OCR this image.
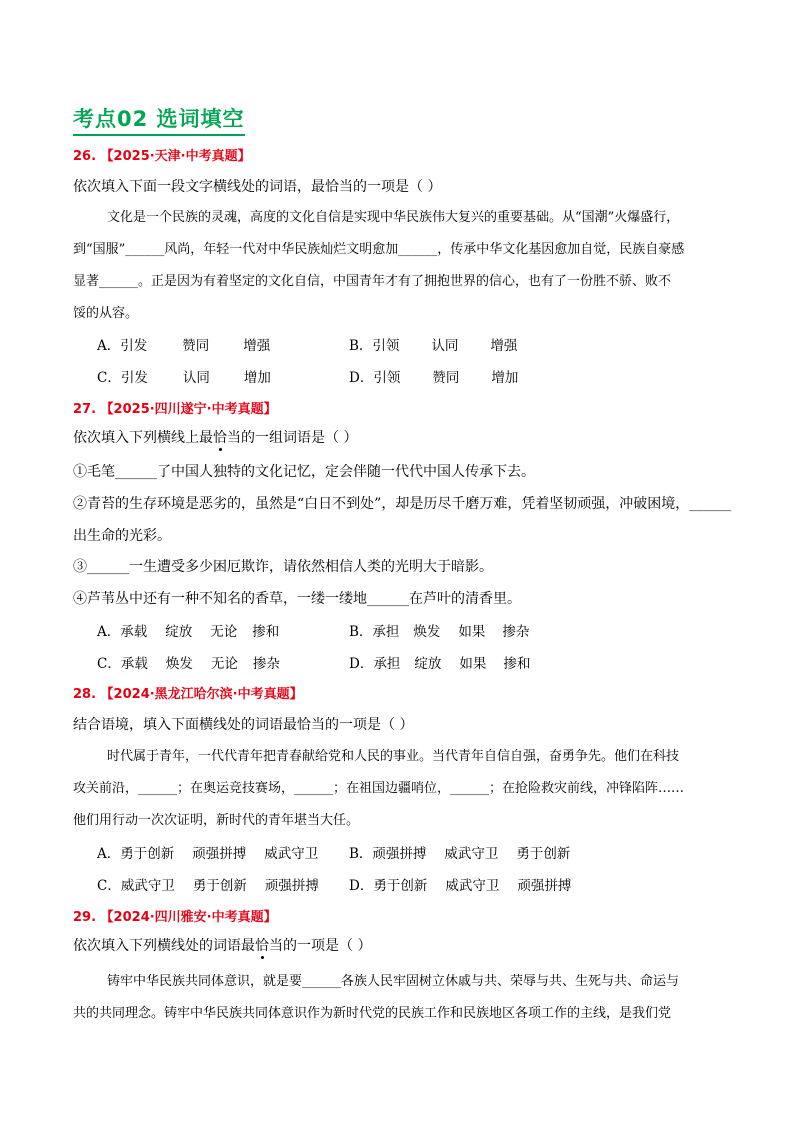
考点02 选词填空
26. 【2025·天津·中考真题】
依次填入下面一段文字横线处的词语，最恰当的一项是（ ）
文化是一个民族的灵魂，高度的文化自信是实现中华民族伟大复兴的重要基础。从“国潮”火爆盛行，
到“国服”______风尚，年轻一代对中华民族灿烂文明愈加______，传承中华文化基因愈加自觉，民族自豪感
显著______。正是因为有着坚定的文化自信，中国青年才有了拥抱世界的信心，也有了一份胜不骄、败不
馁的从容。
A．引发	赞同	增强	B．引领 认同 增强
C．引发	认同	增加	D．引领 赞同 增加
27. 【2025·四川遂宁·中考真题】
依次填入下列横线上最恰当的一组词语是（ ）
①毛笔______了中国人独特的文化记忆，定会伴随一代代中国人传承下去。
②青苔的生存环境是恶劣的，虽然是“白日不到处”，却是历尽千磨万难，凭着坚韧顽强，冲破困境，______
出生命的光彩。
③______一生遭受多少困厄欺诈，请依然相信人类的光明大于暗影。
④芦苇丛中还有一种不知名的香草，一缕一缕地______在芦叶的清香里。
A．承载 绽放 无论 掺和	B．承担 焕发 如果 掺杂
C．承载 焕发 无论 掺杂	D．承担 绽放 如果 掺和
28. 【2024·黑龙江哈尔滨·中考真题】
结合语境，填入下面横线处的词语最恰当的一项是（ ）
时代属于青年，一代代青年把青春献给党和人民的事业。当代青年自信自强，奋勇争先。他们在科技
攻关前沿，______；在奥运竞技赛场，______；在祖国边疆哨位，______；在抢险救灾前线，冲锋陷阵……
他们用行动一次次证明，新时代的青年堪当大任。
A．勇于创新 顽强拼搏 威武守卫 B．顽强拼搏 威武守卫 勇于创新
C．威武守卫 勇于创新 顽强拼搏 D．勇于创新 威武守卫 顽强拼搏
29. 【2024·四川雅安·中考真题】
依次填入下列横线处的词语最恰当的一项是（ ）
铸牢中华民族共同体意识，就是要______各族人民牢固树立休戚与共、荣辱与共、生死与共、命运与
共的共同理念。铸牢中华民族共同体意识作为新时代党的民族工作和民族地区各项工作的主线，是我们党
